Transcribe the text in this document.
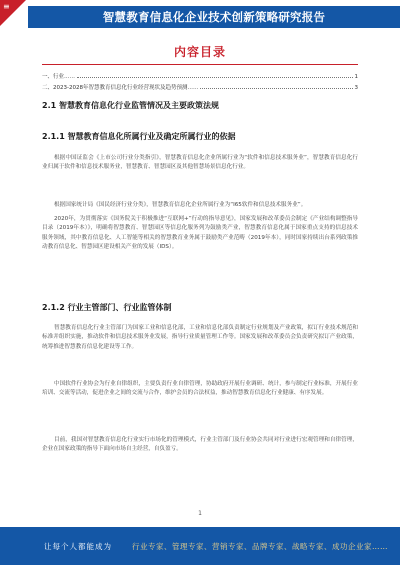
≡
智慧教育信息化企业技术创新策略研究报告
内容目录
一、行业……	1
二、2023-2028年智慧教育信息化行业经营现状及趋势预测……	3
2.1 智慧教育信息化行业监管情况及主要政策法规
2.1.1 智慧教育信息化所属行业及确定所属行业的依据

根据中国证监会《上市公司行业分类指引》，智慧教育信息化企业所属行业为“软件和信息技术服务业”，智慧教育信息化行业归属于软件和信息技术服务业，智慧教育、智慧园区及其他智慧场景信息化行业。

根据国家统计局《国民经济行业分类》，智慧教育信息化企业所属行业为“I65软件和信息技术服务业”。

2020年，为贯彻落实《国务院关于积极推进“互联网+”行动的指导意见》，国家发展和改革委员会制定《产业结构调整指导目录（2019年本）》，明确将智慧教育、智慧园区等信息化服务列为鼓励类产业，智慧教育信息化属于国家重点支持的信息技术服务领域，其中教育信息化、人工智能等相关的智慧教育业务属于鼓励类产业范畴（2019年本），同时国家持续出台系列政策推动教育信息化、智慧园区建设相关产业的发展（IDS）。

2.1.2 行业主管部门、行业监管体制

智慧教育信息化行业主管部门为国家工业和信息化部，工业和信息化部负责制定行业规划及产业政策，拟订行业技术规范和标准并组织实施，推动软件和信息技术服务业发展，指导行业质量管理工作等。国家发展和改革委员会负责研究拟订产业政策，统筹推进智慧教育信息化建设等工作。

中国软件行业协会为行业自律组织，主要负责行业自律管理，协助政府开展行业调研、统计，参与制定行业标准，开展行业培训、交流等活动，促进企业之间的交流与合作，维护会员的合法权益，推动智慧教育信息化行业健康、有序发展。

目前，我国对智慧教育信息化行业实行市场化的管理模式，行业主管部门及行业协会共同对行业进行宏观管理和自律管理，企业在国家政策的指导下面向市场自主经营，自负盈亏。

1
让每个人都能成为	行业专家、管理专家、营销专家、品牌专家、战略专家、成功企业家……
